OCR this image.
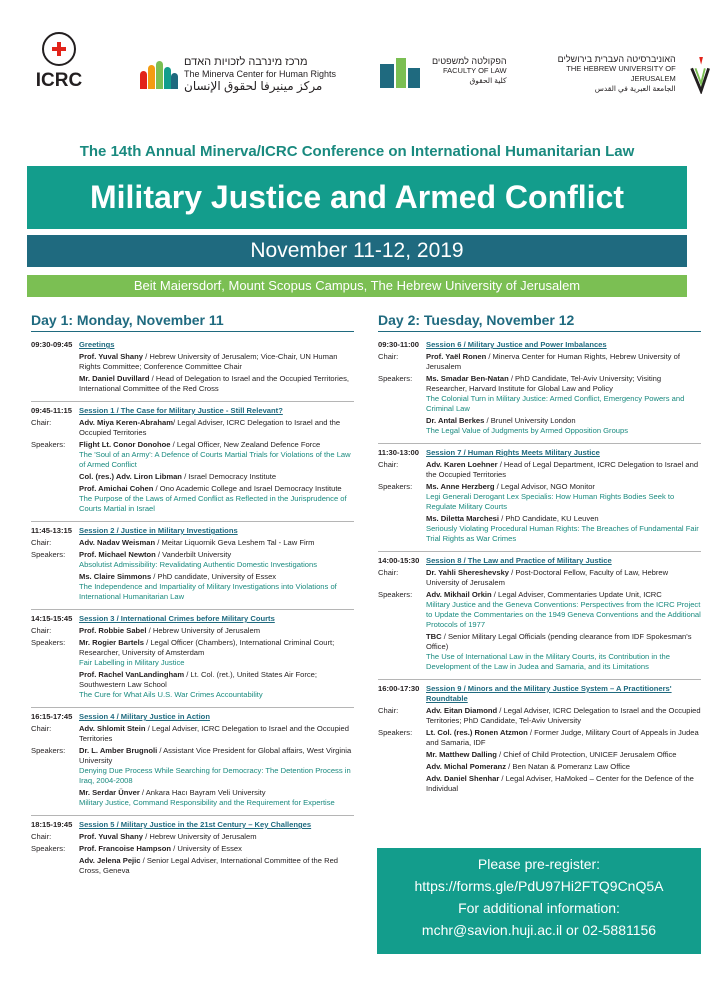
ICRC
מרכז מינרבה לזכויות האדם
The Minerva Center for Human Rights
مركز مينيرفا لحقوق الإنسان
הפקולטה למשפטים
FACULTY OF LAW
كلية الحقوق
האוניברסיטה העברית בירושלים
THE HEBREW UNIVERSITY OF JERUSALEM
الجامعة العبرية في القدس
The 14th Annual Minerva/ICRC Conference on International Humanitarian Law
Military Justice and Armed Conflict
November 11-12, 2019
Beit Maiersdorf, Mount Scopus Campus, The Hebrew University of Jerusalem
Day 1: Monday, November 11
09:30-09:45 Greetings
Prof. Yuval Shany / Hebrew University of Jerusalem; Vice-Chair, UN Human Rights Committee; Conference Committee Chair
Mr. Daniel Duvillard / Head of Delegation to Israel and the Occupied Territories, International Committee of the Red Cross
09:45-11:15 Session 1 / The Case for Military Justice - Still Relevant?
Chair:	Adv. Miya Keren-Abraham/ Legal Adviser, ICRC Delegation to Israel and the Occupied Territories
Speakers:	Flight Lt. Conor Donohoe / Legal Officer, New Zealand Defence Force
The 'Soul of an Army': A Defence of Courts Martial Trials for Violations of the Law of Armed Conflict
Col. (res.) Adv. Liron Libman / Israel Democracy Institute
Prof. Amichai Cohen / Ono Academic College and Israel Democracy Institute
The Purpose of the Laws of Armed Conflict as Reflected in the Jurisprudence of Courts Martial in Israel
11:45-13:15 Session 2 / Justice in Military Investigations
Chair:	Adv. Nadav Weisman / Meitar Liquornik Geva Leshem Tal - Law Firm
Speakers:	Prof. Michael Newton / Vanderbilt University
Absolutist Admissibility: Revalidating Authentic Domestic Investigations
Ms. Claire Simmons / PhD candidate, University of Essex
The Independence and Impartiality of Military Investigations into Violations of International Humanitarian Law
14:15-15:45 Session 3 / International Crimes before Military Courts
Chair:	Prof. Robbie Sabel / Hebrew University of Jerusalem
Speakers:	Mr. Rogier Bartels / Legal Officer (Chambers), International Criminal Court; Researcher, University of Amsterdam
Fair Labelling in Military Justice
Prof. Rachel VanLandingham / Lt. Col. (ret.), United States Air Force; Southwestern Law School
The Cure for What Ails U.S. War Crimes Accountability
16:15-17:45 Session 4 / Military Justice in Action
Chair:	Adv. Shlomit Stein / Legal Adviser, ICRC Delegation to Israel and the Occupied Territories
Speakers:	Dr. L. Amber Brugnoli / Assistant Vice President for Global affairs, West Virginia University
Denying Due Process While Searching for Democracy: The Detention Process in Iraq, 2004-2008
Mr. Serdar Ünver / Ankara Hacı Bayram Veli University
Military Justice, Command Responsibility and the Requirement for Expertise
18:15-19:45 Session 5 / Military Justice in the 21st Century – Key Challenges
Chair:	Prof. Yuval Shany / Hebrew University of Jerusalem
Speakers:	Prof. Francoise Hampson / University of Essex
Adv. Jelena Pejic / Senior Legal Adviser, International Committee of the Red Cross, Geneva
Day 2: Tuesday, November 12
09:30-11:00 Session 6 / Military Justice and Power Imbalances
Chair:	Prof. Yaël Ronen / Minerva Center for Human Rights, Hebrew University of Jerusalem
Speakers:	Ms. Smadar Ben-Natan / PhD Candidate, Tel-Aviv University; Visiting Researcher, Harvard Institute for Global Law and Policy
The Colonial Turn in Military Justice: Armed Conflict, Emergency Powers and Criminal Law
Dr. Antal Berkes / Brunel University London
The Legal Value of Judgments by Armed Opposition Groups
11:30-13:00 Session 7 / Human Rights Meets Military Justice
Chair:	Adv. Karen Loehner / Head of Legal Department, ICRC Delegation to Israel and the Occupied Territories
Speakers:	Ms. Anne Herzberg / Legal Advisor, NGO Monitor
Legi Generali Derogant Lex Specialis: How Human Rights Bodies Seek to Regulate Military Courts
Ms. Diletta Marchesi / PhD Candidate, KU Leuven
Seriously Violating Procedural Human Rights: The Breaches of Fundamental Fair Trial Rights as War Crimes
14:00-15:30 Session 8 / The Law and Practice of Military Justice
Chair:	Dr. Yahli Shereshevsky / Post-Doctoral Fellow, Faculty of Law, Hebrew University of Jerusalem
Speakers:	Adv. Mikhail Orkin / Legal Adviser, Commentaries Update Unit, ICRC
Military Justice and the Geneva Conventions: Perspectives from the ICRC Project to Update the Commentaries on the 1949 Geneva Conventions and the Additional Protocols of 1977
TBC / Senior Military Legal Officials (pending clearance from IDF Spokesman's Office)
The Use of International Law in the Military Courts, its Contribution in the Development of the Law in Judea and Samaria, and its Limitations
16:00-17:30 Session 9 / Minors and the Military Justice System – A Practitioners' Roundtable
Chair:	Adv. Eitan Diamond / Legal Adviser, ICRC Delegation to Israel and the Occupied Territories; PhD Candidate, Tel-Aviv University
Speakers:	Lt. Col. (res.) Ronen Atzmon / Former Judge, Military Court of Appeals in Judea and Samaria, IDF
Mr. Matthew Dalling / Chief of Child Protection, UNICEF Jerusalem Office
Adv. Michal Pomeranz / Ben Natan & Pomeranz Law Office
Adv. Daniel Shenhar / Legal Adviser, HaMoked – Center for the Defence of the Individual
Please pre-register:
https://forms.gle/PdU97Hi2FTQ9CnQ5A
For additional information:
mchr@savion.huji.ac.il or 02-5881156
